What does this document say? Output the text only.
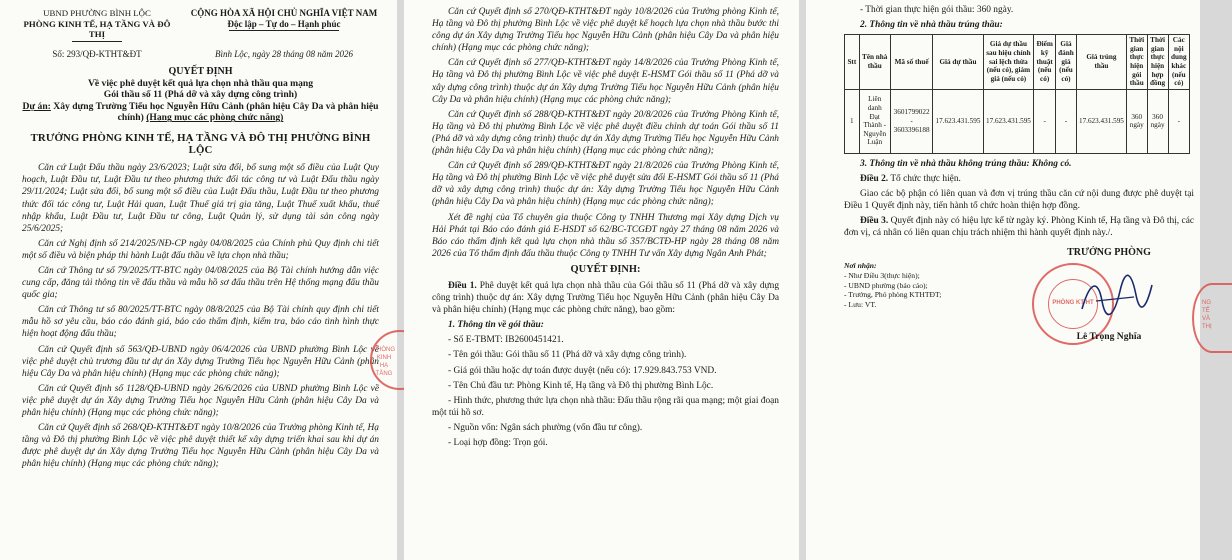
UBND PHƯỜNG BÌNH LỘC
PHÒNG KINH TẾ, HẠ TẦNG VÀ ĐÔ THỊ
CỘNG HÒA XÃ HỘI CHỦ NGHĨA VIỆT NAM
Độc lập – Tự do – Hạnh phúc
Số: 293/QĐ-KTHT&ĐT	Bình Lộc, ngày 28 tháng 08 năm 2026
QUYẾT ĐỊNH
Về việc phê duyệt kết quả lựa chọn nhà thầu qua mạng
Gói thầu số 11 (Phá dỡ và xây dựng công trình)
Dự án: Xây dựng Trường Tiểu học Nguyễn Hữu Cảnh (phân hiệu Cây Da và phân hiệu chính) (Hạng mục các phòng chức năng)
TRƯỞNG PHÒNG KINH TẾ, HẠ TẦNG VÀ ĐÔ THỊ PHƯỜNG BÌNH LỘC

Căn cứ Luật Đấu thầu ngày 23/6/2023; Luật sửa đổi, bổ sung một số điều của Luật Quy hoạch, Luật Đầu tư, Luật Đầu tư theo phương thức đối tác công tư và Luật Đấu thầu ngày 29/11/2024; Luật sửa đổi, bổ sung một số điều của Luật Đấu thầu, Luật Đầu tư theo phương thức đối tác công tư, Luật Hải quan, Luật Thuế giá trị gia tăng, Luật Thuế xuất khẩu, thuế nhập khẩu, Luật Đầu tư, Luật Đầu tư công, Luật Quản lý, sử dụng tài sản công ngày 25/6/2025;

Căn cứ Nghị định số 214/2025/NĐ-CP ngày 04/08/2025 của Chính phủ Quy định chi tiết một số điều và biện pháp thi hành Luật đấu thầu về lựa chọn nhà thầu;

Căn cứ Thông tư số 79/2025/TT-BTC ngày 04/08/2025 của Bộ Tài chính hướng dẫn việc cung cấp, đăng tải thông tin về đấu thầu và mẫu hồ sơ đấu thầu trên Hệ thống mạng đấu thầu quốc gia;

Căn cứ Thông tư số 80/2025/TT-BTC ngày 08/8/2025 của Bộ Tài chính quy định chi tiết mẫu hồ sơ yêu cầu, báo cáo đánh giá, báo cáo thẩm định, kiểm tra, báo cáo tình hình thực hiện hoạt động đấu thầu;

Căn cứ Quyết định số 563/QĐ-UBND ngày 06/4/2026 của UBND phường Bình Lộc về việc phê duyệt chủ trương đầu tư dự án Xây dựng Trường Tiểu học Nguyễn Hữu Cảnh (phân hiệu Cây Da và phân hiệu chính) (Hạng mục các phòng chức năng);

Căn cứ Quyết định số 1128/QĐ-UBND ngày 26/6/2026 của UBND phường Bình Lộc về việc phê duyệt dự án Xây dựng Trường Tiểu học Nguyễn Hữu Cảnh (phân hiệu Cây Da và phân hiệu chính) (Hạng mục các phòng chức năng);

Căn cứ Quyết định số 268/QĐ-KTHT&ĐT ngày 10/8/2026 của Trưởng phòng Kinh tế, Hạ tầng và Đô thị phường Bình Lộc về việc phê duyệt thiết kế xây dựng triển khai sau khi dự án được phê duyệt dự án Xây dựng Trường Tiểu học Nguyễn Hữu Cảnh (phân hiệu Cây Da và phân hiệu chính) (Hạng mục các phòng chức năng);

PHÒNG KINH HẠ TẦNG

Căn cứ Quyết định số 270/QĐ-KTHT&ĐT ngày 10/8/2026 của Trưởng phòng Kinh tế, Hạ tầng và Đô thị phường Bình Lộc về việc phê duyệt kế hoạch lựa chọn nhà thầu bước thi công dự án Xây dựng Trường Tiểu học Nguyễn Hữu Cảnh (phân hiệu Cây Da và phân hiệu chính) (Hạng mục các phòng chức năng);

Căn cứ Quyết định số 277/QĐ-KTHT&ĐT ngày 14/8/2026 của Trưởng Phòng Kinh tế, Hạ tầng và Đô thị phường Bình Lộc về việc phê duyệt E-HSMT Gói thầu số 11 (Phá dỡ và xây dựng công trình) thuộc dự án Xây dựng Trường Tiểu học Nguyễn Hữu Cảnh (phân hiệu Cây Da và phân hiệu chính) (Hạng mục các phòng chức năng);

Căn cứ Quyết định số 288/QĐ-KTHT&ĐT ngày 20/8/2026 của Trưởng Phòng Kinh tế, Hạ tầng và Đô thị phường Bình Lộc về việc phê duyệt điều chỉnh dự toán Gói thầu số 11 (Phá dỡ và xây dựng công trình) thuộc dự án Xây dựng Trường Tiểu học Nguyễn Hữu Cảnh (phân hiệu Cây Da và phân hiệu chính) (Hạng mục các phòng chức năng);

Căn cứ Quyết định số 289/QĐ-KTHT&ĐT ngày 21/8/2026 của Trưởng Phòng Kinh tế, Hạ tầng và Đô thị phường Bình Lộc về việc phê duyệt sửa đổi E-HSMT Gói thầu số 11 (Phá dỡ và xây dựng công trình) thuộc dự án: Xây dựng Trường Tiểu học Nguyễn Hữu Cảnh (phân hiệu Cây Da và phân hiệu chính) (Hạng mục các phòng chức năng);

Xét đề nghị của Tổ chuyên gia thuộc Công ty TNHH Thương mại Xây dựng Dịch vụ Hải Phát tại Báo cáo đánh giá E-HSDT số 62/BC-TCGĐT ngày 27 tháng 08 năm 2026 và Báo cáo thẩm định kết quả lựa chọn nhà thầu số 357/BCTĐ-HP ngày 28 tháng 08 năm 2026 của Tổ thẩm định đấu thầu thuộc Công ty TNHH Tư vấn Xây dựng Ngân Anh Phát;

QUYẾT ĐỊNH:

Điều 1. Phê duyệt kết quả lựa chọn nhà thầu của Gói thầu số 11 (Phá dỡ và xây dựng công trình) thuộc dự án: Xây dựng Trường Tiểu học Nguyễn Hữu Cảnh (phân hiệu Cây Da và phân hiệu chính) (Hạng mục các phòng chức năng), bao gồm:

1. Thông tin về gói thầu:

- Số E-TBMT: IB2600451421.

- Tên gói thầu: Gói thầu số 11 (Phá dỡ và xây dựng công trình).

- Giá gói thầu hoặc dự toán được duyệt (nếu có): 17.929.843.753 VND.

- Tên Chủ đầu tư: Phòng Kinh tế, Hạ tầng và Đô thị phường Bình Lộc.

- Hình thức, phương thức lựa chọn nhà thầu: Đấu thầu rộng rãi qua mạng; một giai đoạn một túi hồ sơ.

- Nguồn vốn: Ngân sách phường (vốn đầu tư công).

- Loại hợp đồng: Trọn gói.

- Thời gian thực hiện gói thầu: 360 ngày.

2. Thông tin về nhà thầu trúng thầu:

Stt	Tên nhà thầu	Mã số thuế	Giá dự thầu	Giá dự thầu sau hiệu chỉnh sai lệch thừa (nếu có), giảm giá (nếu có)	Điểm kỹ thuật (nếu có)	Giá đánh giá (nếu có)	Giá trúng thầu	Thời gian thực hiện gói thầu	Thời gian thực hiện hợp đồng	Các nội dung khác (nếu có)
1	Liên danh Đạt Thành - Nguyễn Luận	3601799022 - 3603396188	17.623.431.595	17.623.431.595	-	-	17.623.431.595	360 ngày	360 ngày	-

3. Thông tin về nhà thầu không trúng thầu: Không có.

Điều 2. Tổ chức thực hiện.

Giao các bộ phận có liên quan và đơn vị trúng thầu căn cứ nội dung được phê duyệt tại Điều 1 Quyết định này, tiến hành tổ chức hoàn thiện hợp đồng.

Điều 3. Quyết định này có hiệu lực kể từ ngày ký. Phòng Kinh tế, Hạ tầng và Đô thị, các đơn vị, cá nhân có liên quan chịu trách nhiệm thi hành quyết định này./.

Nơi nhận:
- Như Điều 3(thực hiện);
- UBND phường (báo cáo);
- Trưởng, Phó phòng KTHTĐT;
- Lưu: VT.
TRƯỞNG PHÒNG
PHÒNG KT-HT	NG
TẾ
VÀ
THỊ
Lê Trọng Nghĩa
